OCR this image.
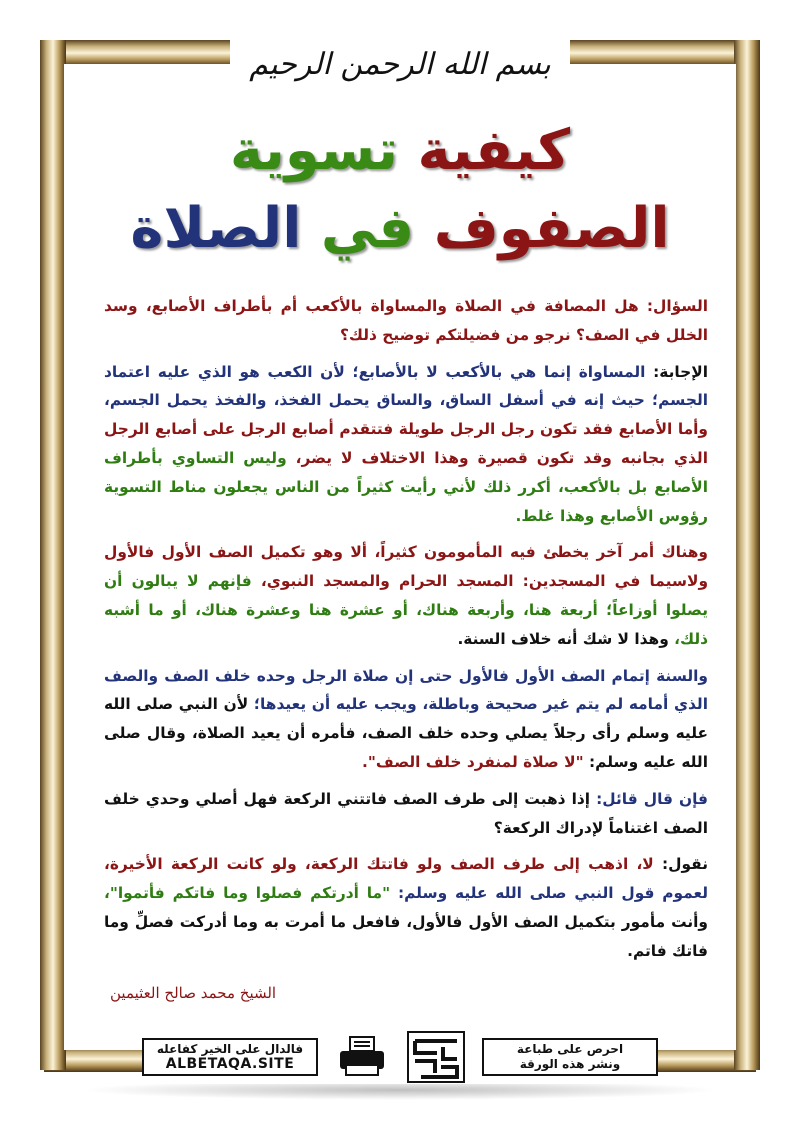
بسم الله الرحمن الرحيم
كيفية تسوية
الصفوف في الصلاة

السؤال: هل المصافة في الصلاة والمساواة بالأكعب أم بأطراف الأصابع، وسد الخلل في الصف؟ نرجو من فضيلتكم توضيح ذلك؟

الإجابة: المساواة إنما هي بالأكعب لا بالأصابع؛ لأن الكعب هو الذي عليه اعتماد الجسم؛ حيث إنه في أسفل الساق، والساق يحمل الفخذ، والفخذ يحمل الجسم، وأما الأصابع فقد تكون رجل الرجل طويلة فتتقدم أصابع الرجل على أصابع الرجل الذي بجانبه وقد تكون قصيرة وهذا الاختلاف لا يضر، وليس التساوي بأطراف الأصابع بل بالأكعب، أكرر ذلك لأني رأيت كثيراً من الناس يجعلون مناط التسوية رؤوس الأصابع وهذا غلط.

وهناك أمر آخر يخطئ فيه المأمومون كثيراً، ألا وهو تكميل الصف الأول فالأول ولاسيما في المسجدين: المسجد الحرام والمسجد النبوي، فإنهم لا يبالون أن يصلوا أوزاعاً؛ أربعة هنا، وأربعة هناك، أو عشرة هنا وعشرة هناك، أو ما أشبه ذلك، وهذا لا شك أنه خلاف السنة.

والسنة إتمام الصف الأول فالأول حتى إن صلاة الرجل وحده خلف الصف والصف الذي أمامه لم يتم غير صحيحة وباطلة، ويجب عليه أن يعيدها؛ لأن النبي صلى الله عليه وسلم رأى رجلاً يصلي وحده خلف الصف، فأمره أن يعيد الصلاة، وقال صلى الله عليه وسلم: "لا صلاة لمنفرد خلف الصف".

فإن قال قائل: إذا ذهبت إلى طرف الصف فاتتني الركعة فهل أصلي وحدي خلف الصف اغتناماً لإدراك الركعة؟

نقول: لا، اذهب إلى طرف الصف ولو فاتتك الركعة، ولو كانت الركعة الأخيرة، لعموم قول النبي صلى الله عليه وسلم: "ما أدرتكم فصلوا وما فاتكم فأتموا"، وأنت مأمور بتكميل الصف الأول فالأول، فافعل ما أمرت به وما أدركت فصلِّ وما فاتك فاتم.

الشيخ محمد صالح العثيمين
فالدال على الخير كفاعله
ALBETAQA.SITE
احرص على طباعة
ونشر هذه الورقة
